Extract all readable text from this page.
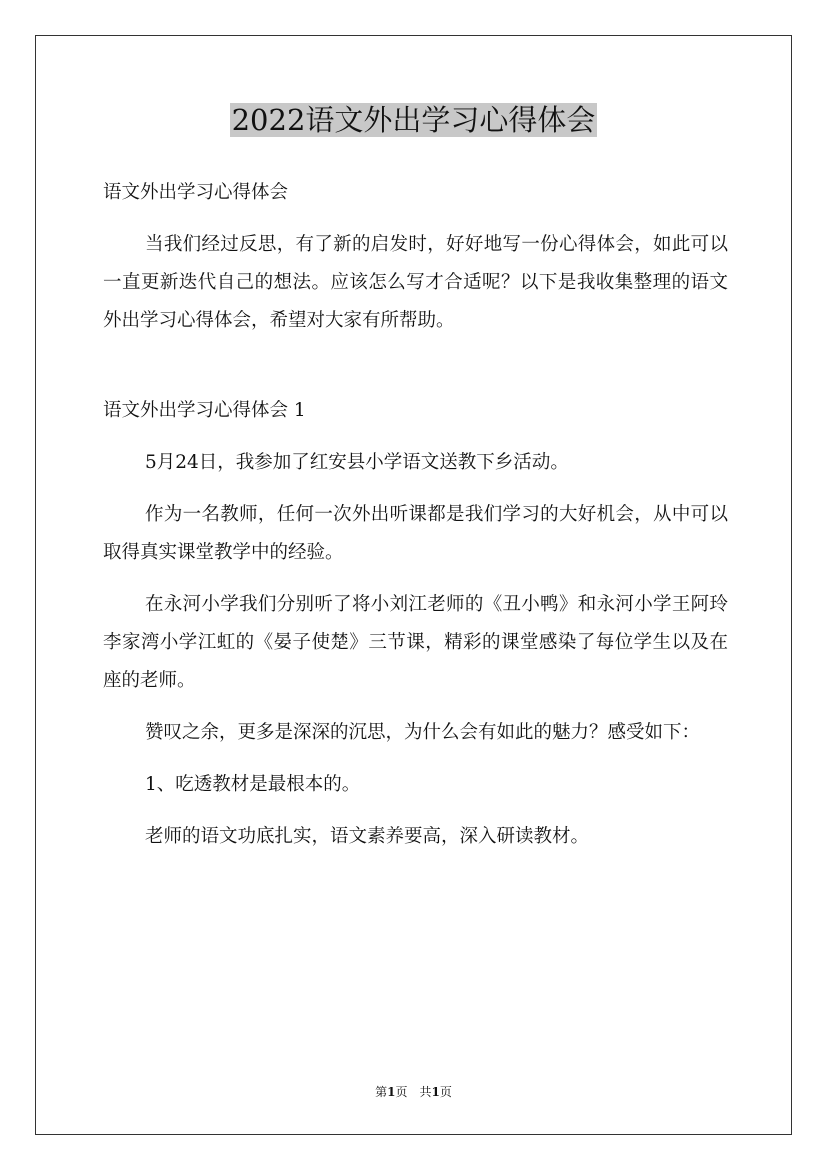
2022语文外出学习心得体会

语文外出学习心得体会

当我们经过反思，有了新的启发时，好好地写一份心得体会，如此可以一直更新迭代自己的想法。应该怎么写才合适呢？以下是我收集整理的语文外出学习心得体会，希望对大家有所帮助。

语文外出学习心得体会 1

5月24日，我参加了红安县小学语文送教下乡活动。

作为一名教师，任何一次外出听课都是我们学习的大好机会，从中可以取得真实课堂教学中的经验。

在永河小学我们分别听了将小刘江老师的《丑小鸭》和永河小学王阿玲李家湾小学江虹的《晏子使楚》三节课，精彩的课堂感染了每位学生以及在座的老师。

赞叹之余，更多是深深的沉思，为什么会有如此的魅力？感受如下：

1、吃透教材是最根本的。

老师的语文功底扎实，语文素养要高，深入研读教材。

第1页　共1页
